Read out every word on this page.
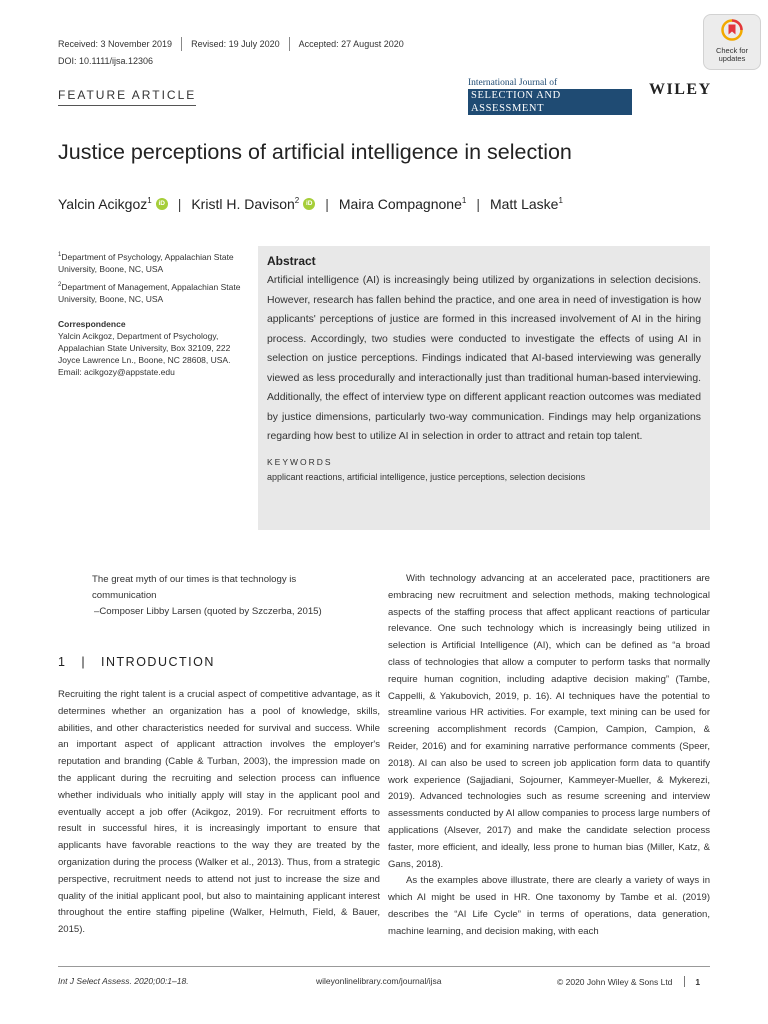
Received: 3 November 2019 Revised: 19 July 2020 Accepted: 27 August 2020
DOI: 10.1111/ijsa.12306
FEATURE ARTICLE
Check for
updates
International Journal of
SELECTION AND ASSESSMENT
WILEY
Justice perceptions of artificial intelligence in selection
Yalcin Acikgoz$^1$	iD | Kristl H. Davison$^2$	iD | Maira Compagnone$^1$ | Matt Laske$^1$
$^1$Department of Psychology, Appalachian State University, Boone, NC, USA
$^2$Department of Management, Appalachian State University, Boone, NC, USA
Correspondence
Yalcin Acikgoz, Department of Psychology, Appalachian State University, Box 32109, 222 Joyce Lawrence Ln., Boone, NC 28608, USA.
Email: acikgozy@appstate.edu
Abstract
Artificial intelligence (AI) is increasingly being utilized by organizations in selection decisions. However, research has fallen behind the practice, and one area in need of investigation is how applicants' perceptions of justice are formed in this increased involvement of AI in the hiring process. Accordingly, two studies were conducted to investigate the effects of using AI in selection on justice perceptions. Findings indicated that AI-based interviewing was generally viewed as less procedurally and interactionally just than traditional human-based interviewing. Additionally, the effect of interview type on different applicant reaction outcomes was mediated by justice dimensions, particularly two-way communication. Findings may help organizations regarding how best to utilize AI in selection in order to attract and retain top talent.
KEYWORDS
applicant reactions, artificial intelligence, justice perceptions, selection decisions
The great myth of our times is that technology is communication
–Composer Libby Larsen (quoted by Szczerba, 2015)
1   |   INTRODUCTION

Recruiting the right talent is a crucial aspect of competitive advantage, as it determines whether an organization has a pool of knowledge, skills, abilities, and other characteristics needed for survival and success. While an important aspect of applicant attraction involves the employer's reputation and branding (Cable & Turban, 2003), the impression made on the applicant during the recruiting and selection process can influence whether individuals who initially apply will stay in the applicant pool and eventually accept a job offer (Acikgoz, 2019). For recruitment efforts to result in successful hires, it is increasingly important to ensure that applicants have favorable reactions to the way they are treated by the organization during the process (Walker et al., 2013). Thus, from a strategic perspective, recruitment needs to attend not just to increase the size and quality of the initial applicant pool, but also to maintaining applicant interest throughout the entire staffing pipeline (Walker, Helmuth, Field, & Bauer, 2015).

With technology advancing at an accelerated pace, practitioners are embracing new recruitment and selection methods, making technological aspects of the staffing process that affect applicant reactions of particular relevance. One such technology which is increasingly being utilized in selection is Artificial Intelligence (AI), which can be defined as “a broad class of technologies that allow a computer to perform tasks that normally require human cognition, including adaptive decision making” (Tambe, Cappelli, & Yakubovich, 2019, p. 16). AI techniques have the potential to streamline various HR activities. For example, text mining can be used for screening accomplishment records (Campion, Campion, Campion, & Reider, 2016) and for examining narrative performance comments (Speer, 2018). AI can also be used to screen job application form data to quantify work experience (Sajjadiani, Sojourner, Kammeyer-Mueller, & Mykerezi, 2019). Advanced technologies such as resume screening and interview assessments conducted by AI allow companies to process large numbers of applications (Alsever, 2017) and make the candidate selection process faster, more efficient, and ideally, less prone to human bias (Miller, Katz, & Gans, 2018).

As the examples above illustrate, there are clearly a variety of ways in which AI might be used in HR. One taxonomy by Tambe et al. (2019) describes the “AI Life Cycle” in terms of operations, data generation, machine learning, and decision making, with each

Int J Select Assess. 2020;00:1–18.	wileyonlinelibrary.com/journal/ijsa	© 2020 John Wiley & Sons Ltd	1
